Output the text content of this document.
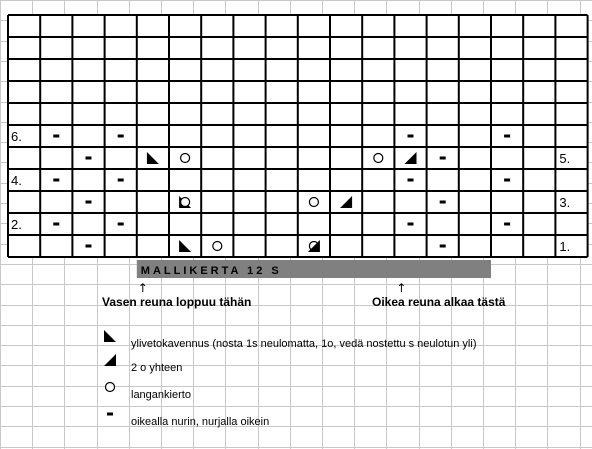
6.
5.
4.
3.
2.
1.
MALLIKERTA 12 S
↑	↑
Vasen reuna loppuu tähän	Oikea reuna alkaa tästä
ylivetokavennus (nosta 1s neulomatta, 1o, vedä nostettu s neulotun yli)
2 o yhteen
langankierto
oikealla nurin, nurjalla oikein
